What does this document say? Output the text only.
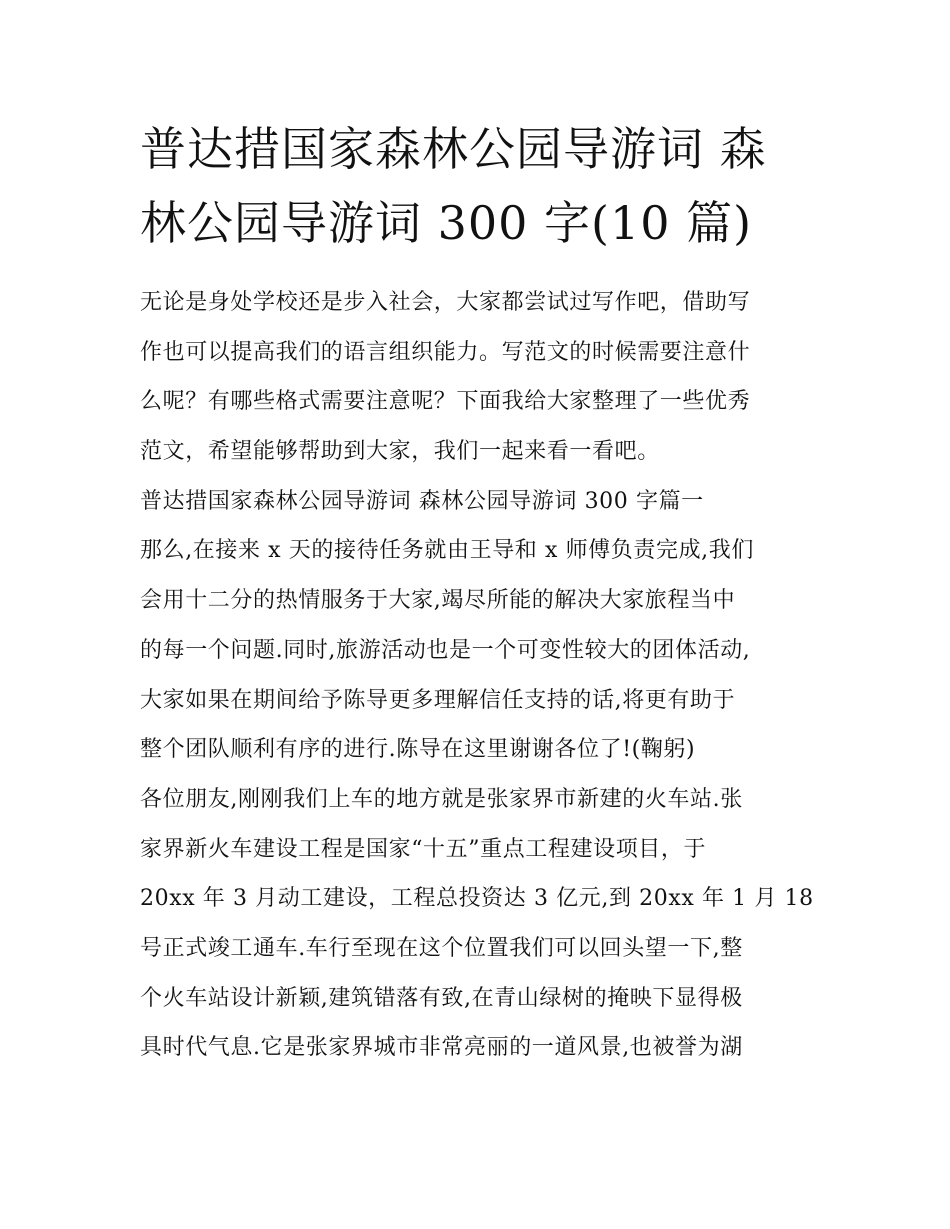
普达措国家森林公园导游词 森
林公园导游词 300 字(10 篇)
无论是身处学校还是步入社会，大家都尝试过写作吧，借助写
作也可以提高我们的语言组织能力。写范文的时候需要注意什
么呢？有哪些格式需要注意呢？下面我给大家整理了一些优秀
范文，希望能够帮助到大家，我们一起来看一看吧。
普达措国家森林公园导游词 森林公园导游词 300 字篇一
那么,在接来 x 天的接待任务就由王导和 x 师傅负责完成,我们
会用十二分的热情服务于大家,竭尽所能的解决大家旅程当中
的每一个问题.同时,旅游活动也是一个可变性较大的团体活动,
大家如果在期间给予陈导更多理解信任支持的话,将更有助于
整个团队顺利有序的进行.陈导在这里谢谢各位了!(鞠躬)
各位朋友,刚刚我们上车的地方就是张家界市新建的火车站.张
家界新火车建设工程是国家“十五”重点工程建设项目，于
20xx 年 3 月动工建设，工程总投资达 3 亿元,到 20xx 年 1 月 18
号正式竣工通车.车行至现在这个位置我们可以回头望一下,整
个火车站设计新颖,建筑错落有致,在青山绿树的掩映下显得极
具时代气息.它是张家界城市非常亮丽的一道风景,也被誉为湖
